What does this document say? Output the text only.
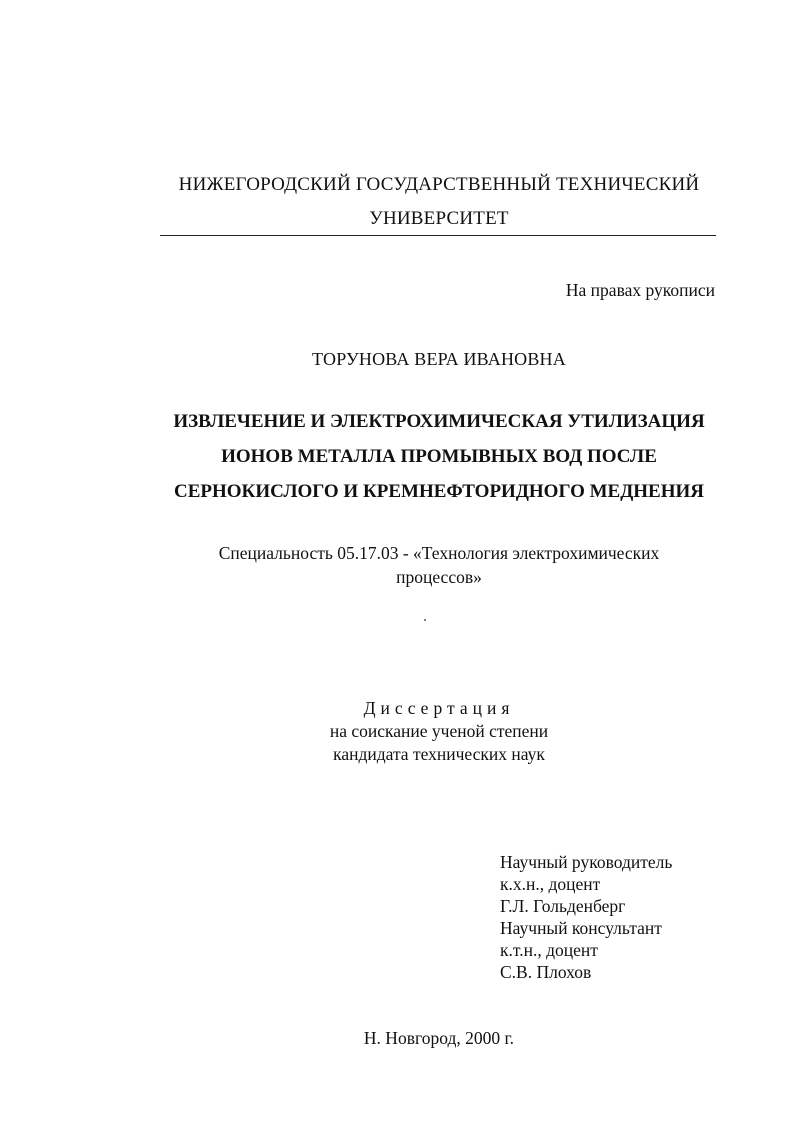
НИЖЕГОРОДСКИЙ ГОСУДАРСТВЕННЫЙ ТЕХНИЧЕСКИЙ
УНИВЕРСИТЕТ
На правах рукописи
ТОРУНОВА ВЕРА ИВАНОВНА
ИЗВЛЕЧЕНИЕ И ЭЛЕКТРОХИМИЧЕСКАЯ УТИЛИЗАЦИЯ
ИОНОВ МЕТАЛЛА ПРОМЫВНЫХ ВОД ПОСЛЕ
СЕРНОКИСЛОГО И КРЕМНЕФТОРИДНОГО МЕДНЕНИЯ
Специальность 05.17.03 - «Технология электрохимических
процессов»
Диссертация
на соискание ученой степени
кандидата технических наук
Научный руководитель
к.х.н., доцент
Г.Л. Гольденберг
Научный консультант
к.т.н., доцент
С.В. Плохов
Н. Новгород, 2000 г.
